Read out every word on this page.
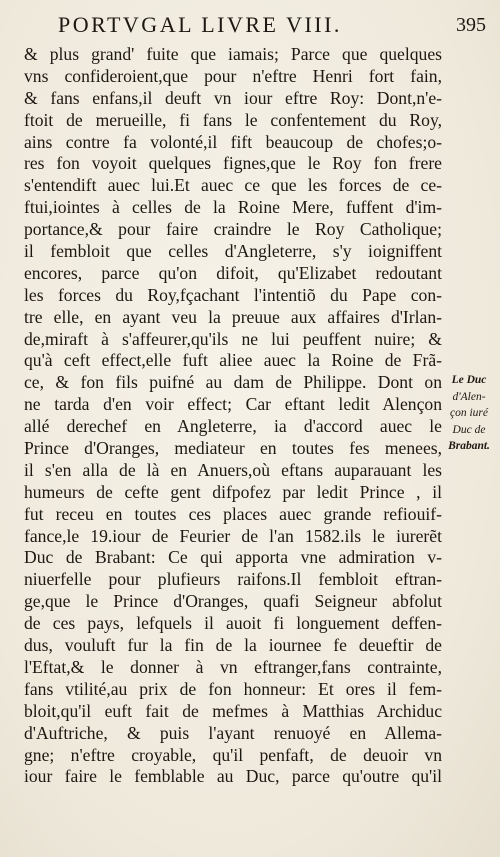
PORTVGAL LIVRE VIII.	395
& plus grand' fuite que iamais; Parce que quelques
vns confideroient,que pour n'eftre Henri fort fain,
& fans enfans,il deuft vn iour eftre Roy: Dont,n'e-
ftoit de merueille, fi fans le confentement du Roy,
ains contre fa volonté,il fift beaucoup de chofes;o-
res fon voyoit quelques fignes,que le Roy fon frere
s'entendift auec lui.Et auec ce que les forces de ce-
ftui,iointes à celles de la Roine Mere, fuffent d'im-
portance,& pour faire craindre le Roy Catholique;
il fembloit que celles d'Angleterre, s'y ioigniffent
encores, parce qu'on difoit, qu'Elizabet redoutant
les forces du Roy,fçachant l'intentiõ du Pape con-
tre elle, en ayant veu la preuue aux affaires d'Irlan-
de,miraft à s'affeurer,qu'ils ne lui peuffent nuire; &
qu'à ceft effect,elle fuft aliee auec la Roine de Frã-
ce, & fon fils puifné au dam de Philippe. Dont on
ne tarda d'en voir effect; Car eftant ledit Alençon
allé derechef en Angleterre, ia d'accord auec le
Prince d'Oranges, mediateur en toutes fes menees,
il s'en alla de là en Anuers,où eftans auparauant les
humeurs de cefte gent difpofez par ledit Prince , il
fut receu en toutes ces places auec grande refiouif-
fance,le 19.iour de Feurier de l'an 1582.ils le iurerẽt
Duc de Brabant: Ce qui apporta vne admiration v-
niuerfelle pour plufieurs raifons.Il fembloit eftran-
ge,que le Prince d'Oranges, quafi Seigneur abfolut
de ces pays, lefquels il auoit fi longuement deffen-
dus, vouluft fur la fin de la iournee fe deueftir de
l'Eftat,& le donner à vn eftranger,fans contrainte,
fans vtilité,au prix de fon honneur: Et ores il fem-
bloit,qu'il euft fait de mefmes à Matthias Archiduc
d'Auftriche, & puis l'ayant renuoyé en Allema-
gne; n'eftre croyable, qu'il penfaft, de deuoir vn
iour faire le femblable au Duc, parce qu'outre qu'il
Le Duc
d'Alen-
çon iuré
Duc de
Brabant.
